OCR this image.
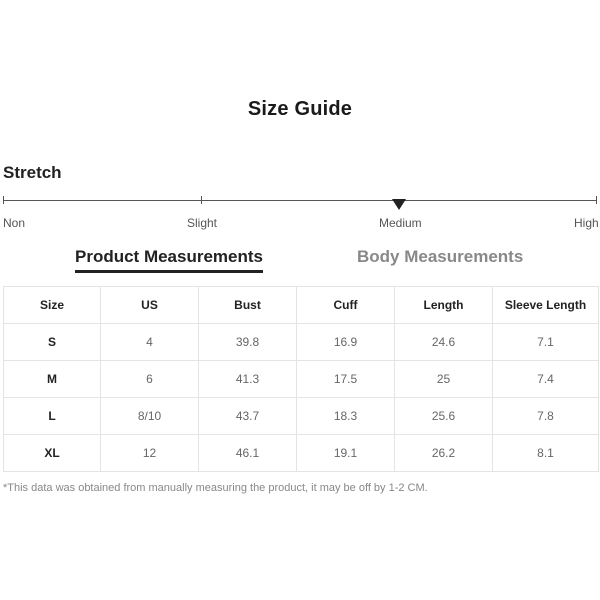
Size Guide
Stretch
Non	Slight	Medium	High
Product Measurements	Body Measurements
Size	US	Bust	Cuff	Length	Sleeve Length
S	4	39.8	16.9	24.6	7.1
M	6	41.3	17.5	25	7.4
L	8/10	43.7	18.3	25.6	7.8
XL	12	46.1	19.1	26.2	8.1
*This data was obtained from manually measuring the product, it may be off by 1-2 CM.
